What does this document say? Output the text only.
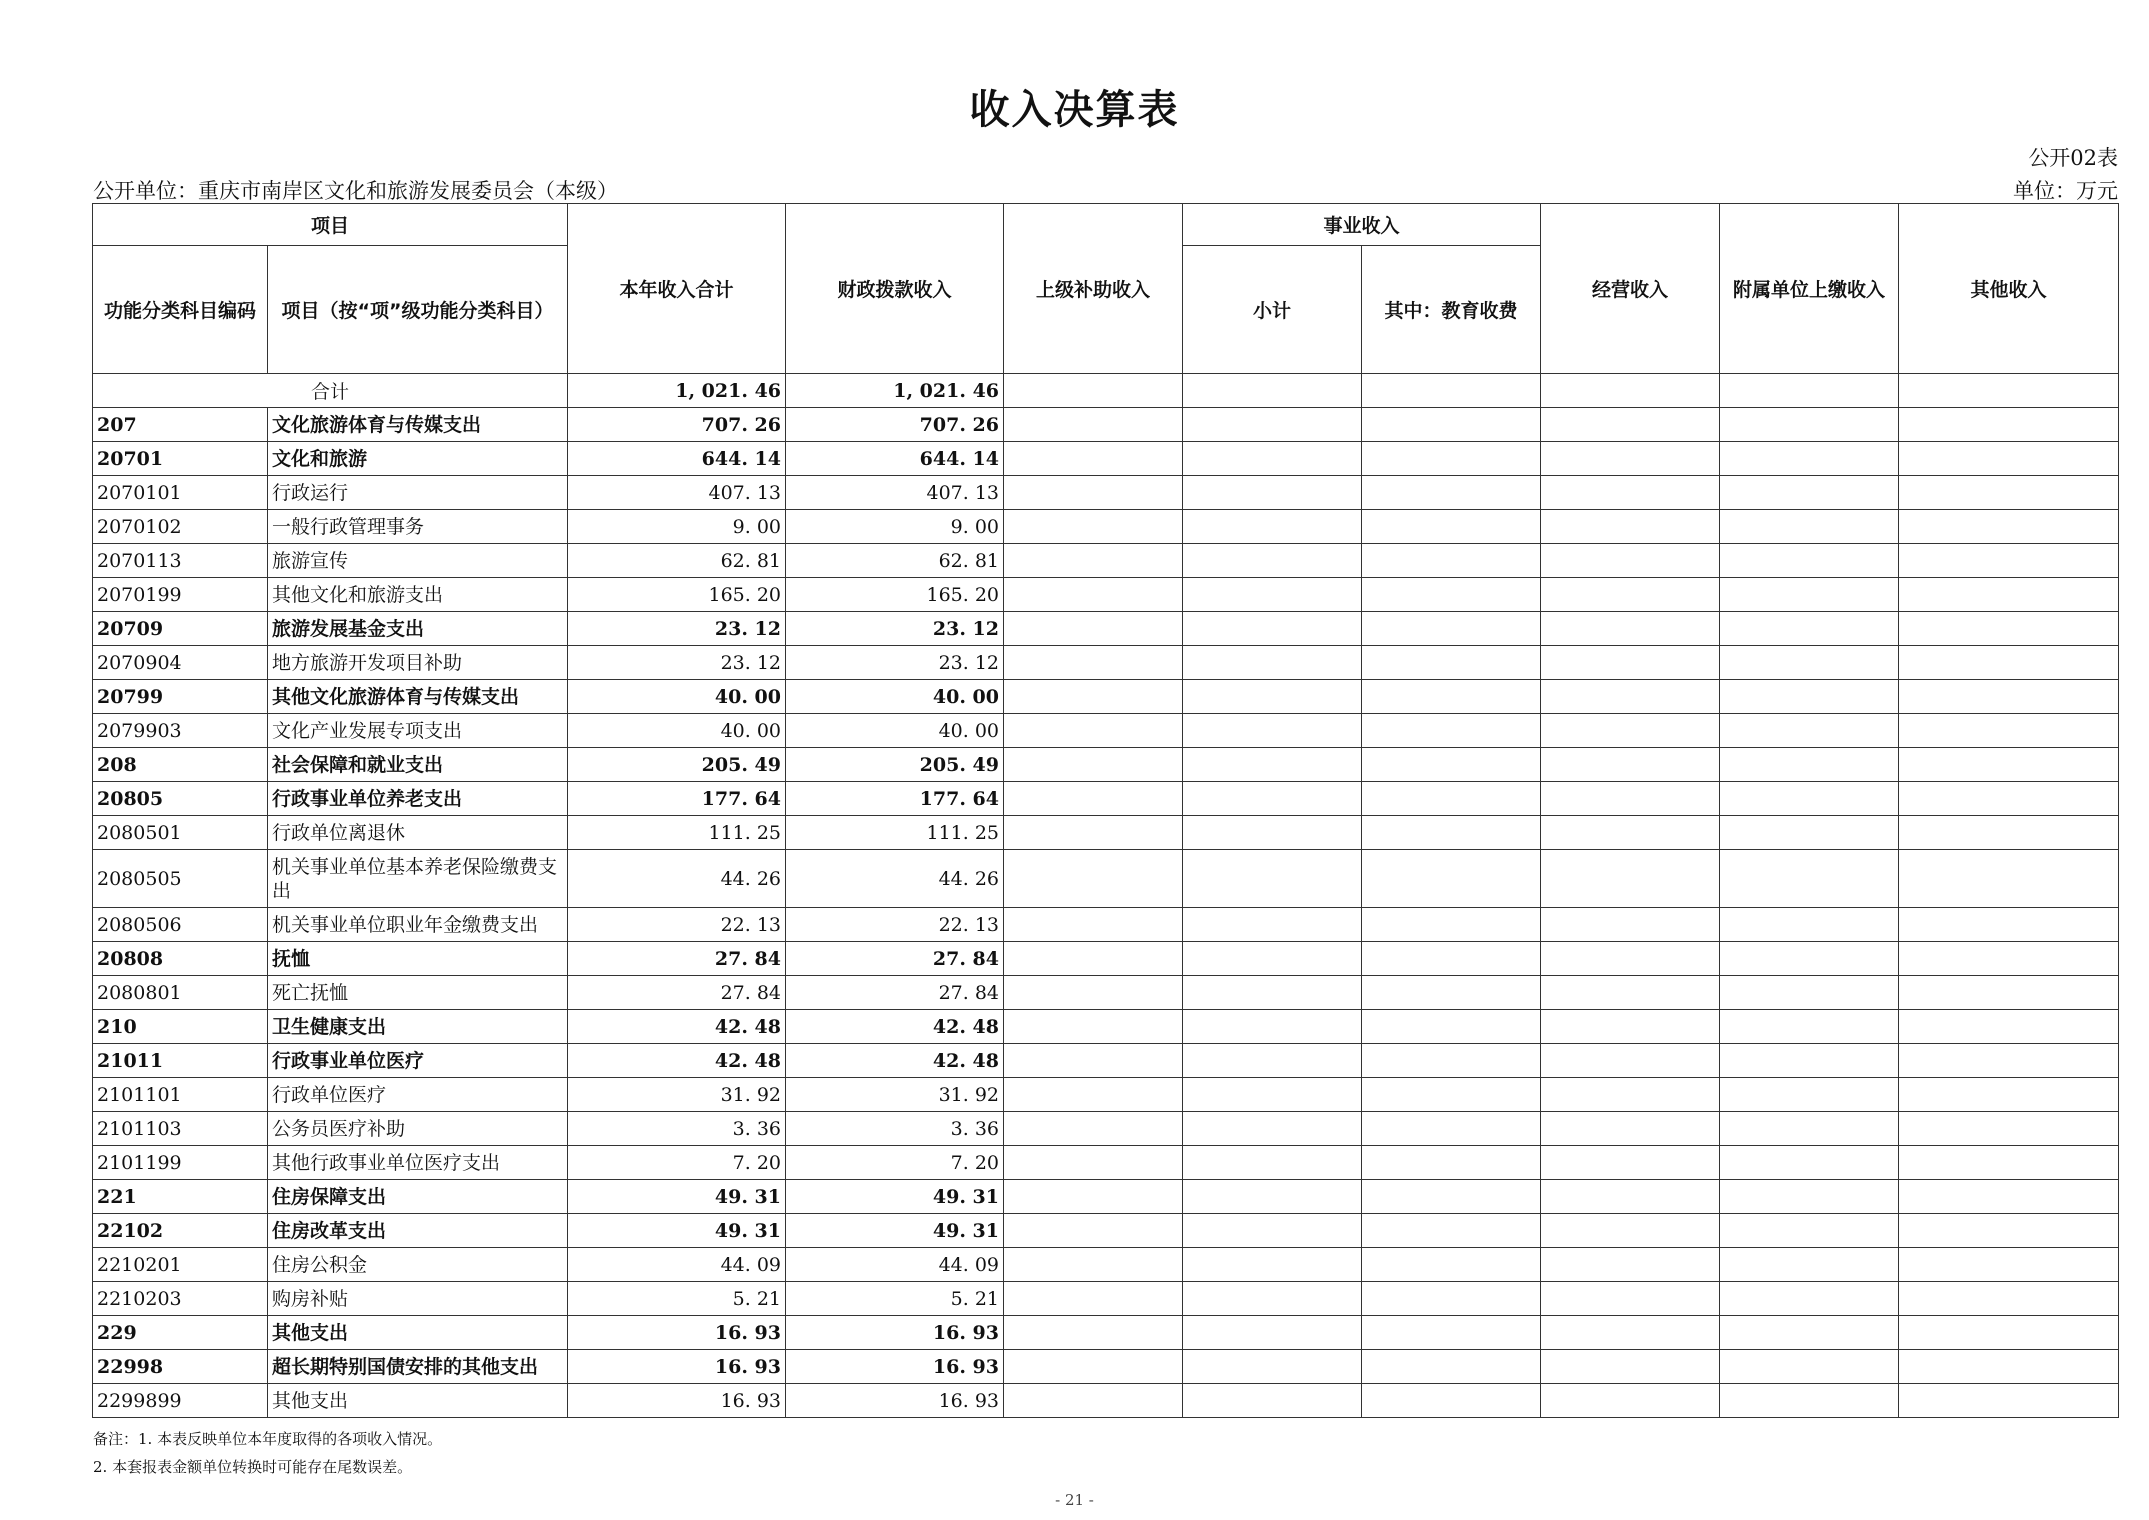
收入决算表
公开02表
公开单位：重庆市南岸区文化和旅游发展委员会（本级）	单位：万元
项目		本年收入合计	财政拨款收入	上级补助收入	事业收入		经营收入	附属单位上缴收入	其他收入
功能分类科目编码	项目（按“项”级功能分类科目）				小计	其中：教育收费			
合计		1, 021. 46	1, 021. 46						
207	文化旅游体育与传媒支出	707. 26	707. 26						
20701	文化和旅游	644. 14	644. 14						
2070101	行政运行	407. 13	407. 13						
2070102	一般行政管理事务	9. 00	9. 00						
2070113	旅游宣传	62. 81	62. 81						
2070199	其他文化和旅游支出	165. 20	165. 20						
20709	旅游发展基金支出	23. 12	23. 12						
2070904	地方旅游开发项目补助	23. 12	23. 12						
20799	其他文化旅游体育与传媒支出	40. 00	40. 00						
2079903	文化产业发展专项支出	40. 00	40. 00						
208	社会保障和就业支出	205. 49	205. 49						
20805	行政事业单位养老支出	177. 64	177. 64						
2080501	行政单位离退休	111. 25	111. 25						
2080505	机关事业单位基本养老保险缴费支出	44. 26	44. 26						
2080506	机关事业单位职业年金缴费支出	22. 13	22. 13						
20808	抚恤	27. 84	27. 84						
2080801	死亡抚恤	27. 84	27. 84						
210	卫生健康支出	42. 48	42. 48						
21011	行政事业单位医疗	42. 48	42. 48						
2101101	行政单位医疗	31. 92	31. 92						
2101103	公务员医疗补助	3. 36	3. 36						
2101199	其他行政事业单位医疗支出	7. 20	7. 20						
221	住房保障支出	49. 31	49. 31						
22102	住房改革支出	49. 31	49. 31						
2210201	住房公积金	44. 09	44. 09						
2210203	购房补贴	5. 21	5. 21						
229	其他支出	16. 93	16. 93						
22998	超长期特别国债安排的其他支出	16. 93	16. 93						
2299899	其他支出	16. 93	16. 93						
备注：1. 本表反映单位本年度取得的各项收入情况。
2. 本套报表金额单位转换时可能存在尾数误差。
- 21 -
